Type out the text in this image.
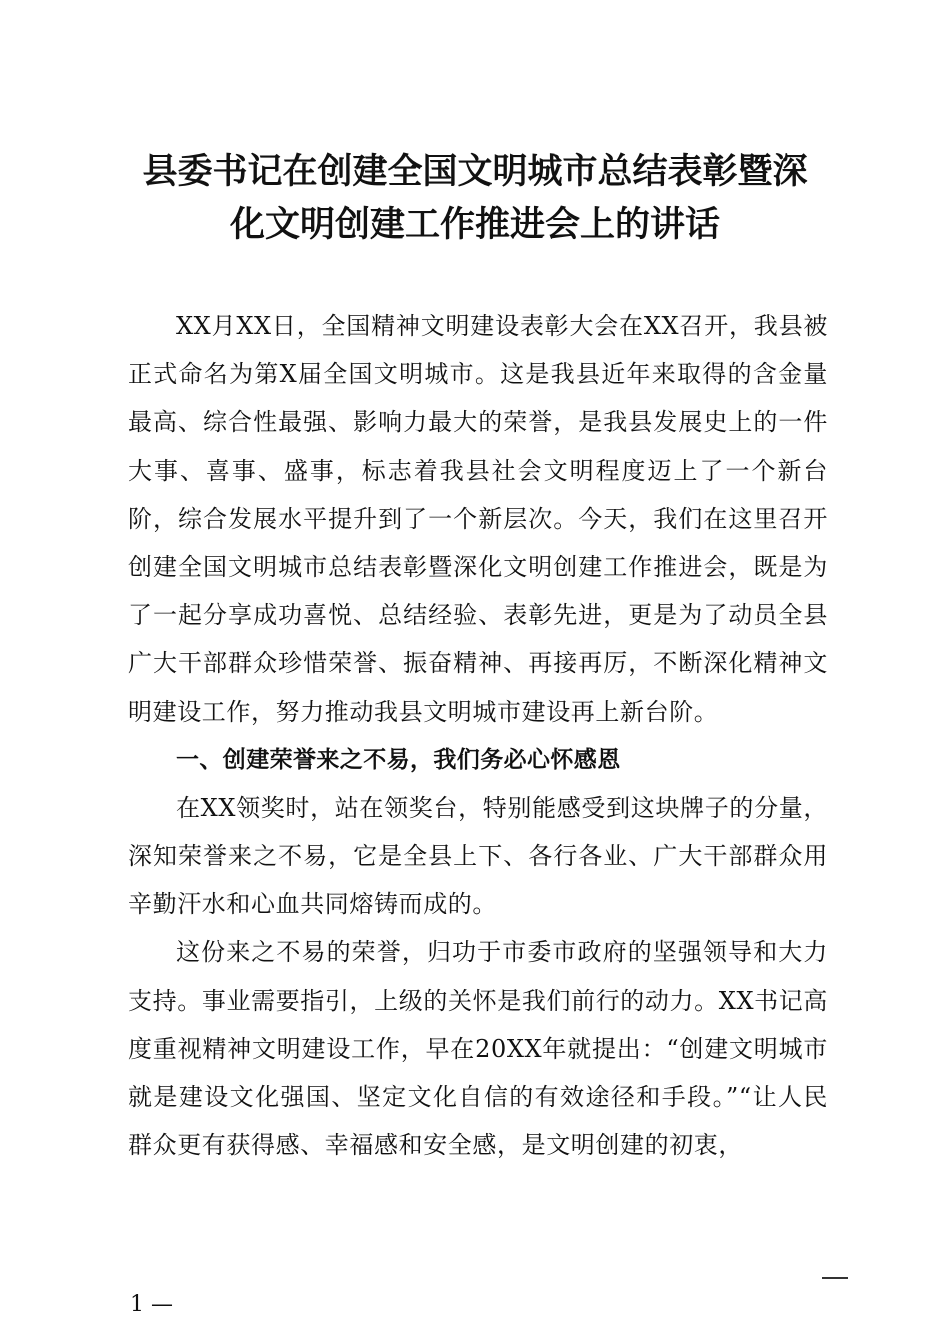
县委书记在创建全国文明城市总结表彰暨深
化文明创建工作推进会上的讲话

XX月XX日，全国精神文明建设表彰大会在XX召开，我县被正式命名为第X届全国文明城市。这是我县近年来取得的含金量最高、综合性最强、影响力最大的荣誉，是我县发展史上的一件大事、喜事、盛事，标志着我县社会文明程度迈上了一个新台阶，综合发展水平提升到了一个新层次。今天，我们在这里召开创建全国文明城市总结表彰暨深化文明创建工作推进会，既是为了一起分享成功喜悦、总结经验、表彰先进，更是为了动员全县广大干部群众珍惜荣誉、振奋精神、再接再厉，不断深化精神文明建设工作，努力推动我县文明城市建设再上新台阶。

一、创建荣誉来之不易，我们务必心怀感恩

在XX领奖时，站在领奖台，特别能感受到这块牌子的分量，深知荣誉来之不易，它是全县上下、各行各业、广大干部群众用辛勤汗水和心血共同熔铸而成的。

这份来之不易的荣誉，归功于市委市政府的坚强领导和大力支持。事业需要指引，上级的关怀是我们前行的动力。XX书记高度重视精神文明建设工作，早在20XX年就提出：“创建文明城市就是建设文化强国、坚定文化自信的有效途径和手段。”“让人民群众更有获得感、幸福感和安全感，是文明创建的初衷，

1 —
